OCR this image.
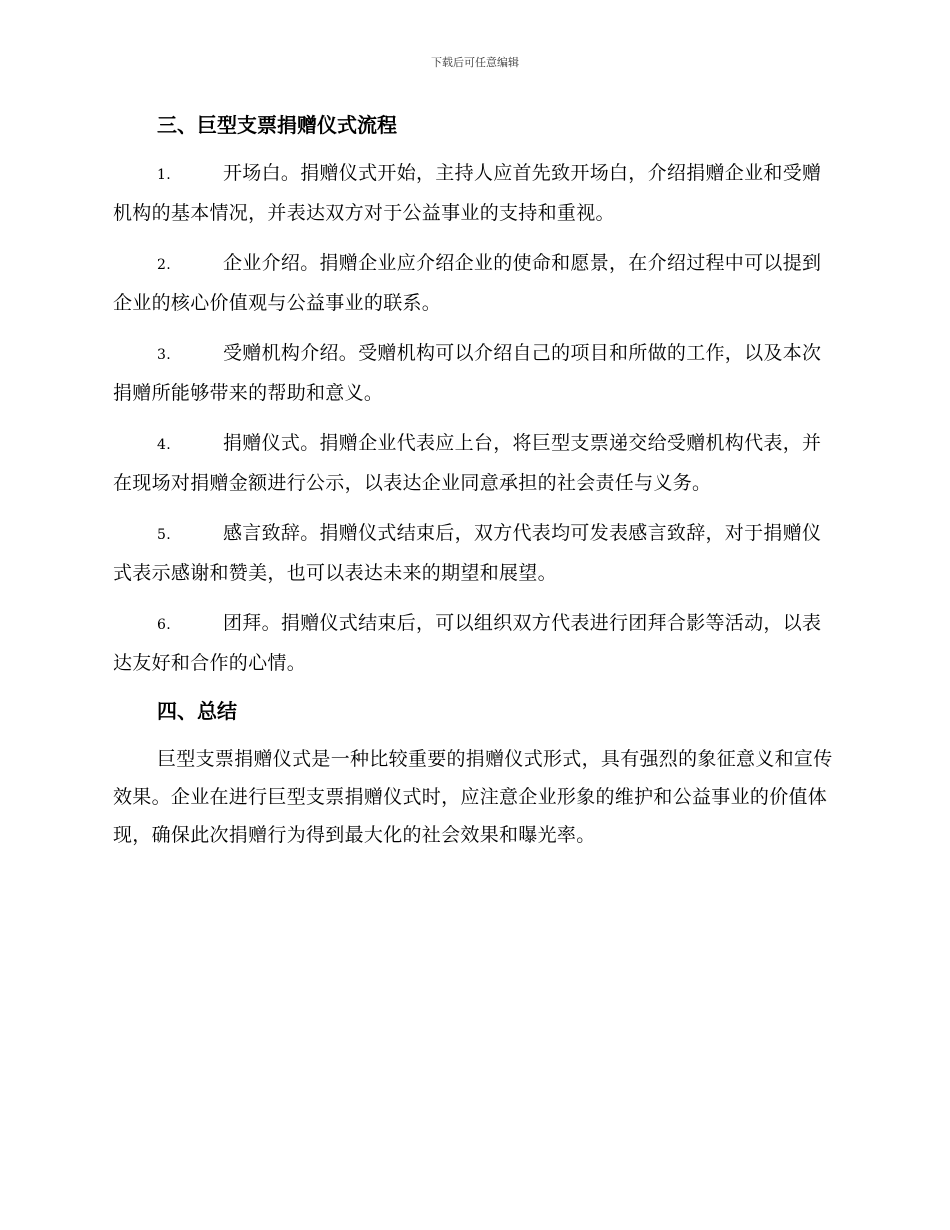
下载后可任意编辑
三、巨型支票捐赠仪式流程

1.	开场白。捐赠仪式开始，主持人应首先致开场白，介绍捐赠企业和受赠机构的基本情况，并表达双方对于公益事业的支持和重视。

2.	企业介绍。捐赠企业应介绍企业的使命和愿景，在介绍过程中可以提到企业的核心价值观与公益事业的联系。

3.	受赠机构介绍。受赠机构可以介绍自己的项目和所做的工作，以及本次捐赠所能够带来的帮助和意义。

4.	捐赠仪式。捐赠企业代表应上台，将巨型支票递交给受赠机构代表，并在现场对捐赠金额进行公示，以表达企业同意承担的社会责任与义务。

5.	感言致辞。捐赠仪式结束后，双方代表均可发表感言致辞，对于捐赠仪式表示感谢和赞美，也可以表达未来的期望和展望。

6.	团拜。捐赠仪式结束后，可以组织双方代表进行团拜合影等活动，以表达友好和合作的心情。

四、总结

巨型支票捐赠仪式是一种比较重要的捐赠仪式形式，具有强烈的象征意义和宣传效果。企业在进行巨型支票捐赠仪式时，应注意企业形象的维护和公益事业的价值体现，确保此次捐赠行为得到最大化的社会效果和曝光率。
